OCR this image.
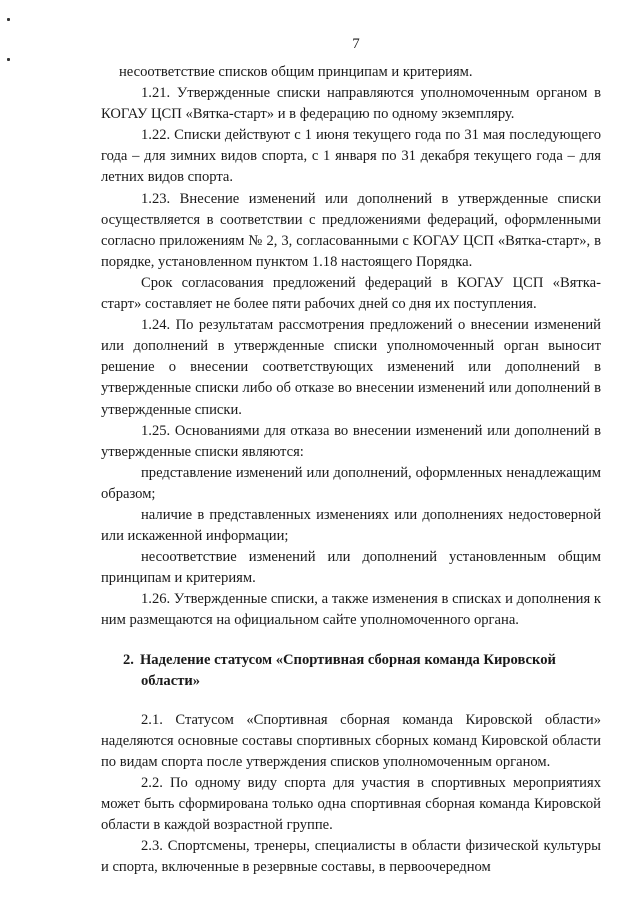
7

несоответствие списков общим принципам и критериям.

1.21. Утвержденные списки направляются уполномоченным органом в КОГАУ ЦСП «Вятка-старт» и в федерацию по одному экземпляру.

1.22. Списки действуют с 1 июня текущего года по 31 мая последующего года – для зимних видов спорта, с 1 января по 31 декабря текущего года – для летних видов спорта.

1.23. Внесение изменений или дополнений в утвержденные списки осуществляется в соответствии с предложениями федераций, оформленными согласно приложениям № 2, 3, согласованными с КОГАУ ЦСП «Вятка-старт», в порядке, установленном пунктом 1.18 настоящего Порядка.

Срок согласования предложений федераций в КОГАУ ЦСП «Вятка-старт» составляет не более пяти рабочих дней со дня их поступления.

1.24. По результатам рассмотрения предложений о внесении изменений или дополнений в утвержденные списки уполномоченный орган выносит решение о внесении соответствующих изменений или дополнений в утвержденные списки либо об отказе во внесении изменений или дополнений в утвержденные списки.

1.25. Основаниями для отказа во внесении изменений или дополнений в утвержденные списки являются:

представление изменений или дополнений, оформленных ненадлежащим образом;

наличие в представленных изменениях или дополнениях недостоверной или искаженной информации;

несоответствие изменений или дополнений установленным общим принципам и критериям.

1.26. Утвержденные списки, а также изменения в списках и дополнения к ним размещаются на официальном сайте уполномоченного органа.

2. Наделение статусом «Спортивная сборная команда Кировской области»

2.1. Статусом «Спортивная сборная команда Кировской области» наделяются основные составы спортивных сборных команд Кировской области по видам спорта после утверждения списков уполномоченным органом.

2.2. По одному виду спорта для участия в спортивных мероприятиях может быть сформирована только одна спортивная сборная команда Кировской области в каждой возрастной группе.

2.3. Спортсмены, тренеры, специалисты в области физической культуры и спорта, включенные в резервные составы, в первоочередном
